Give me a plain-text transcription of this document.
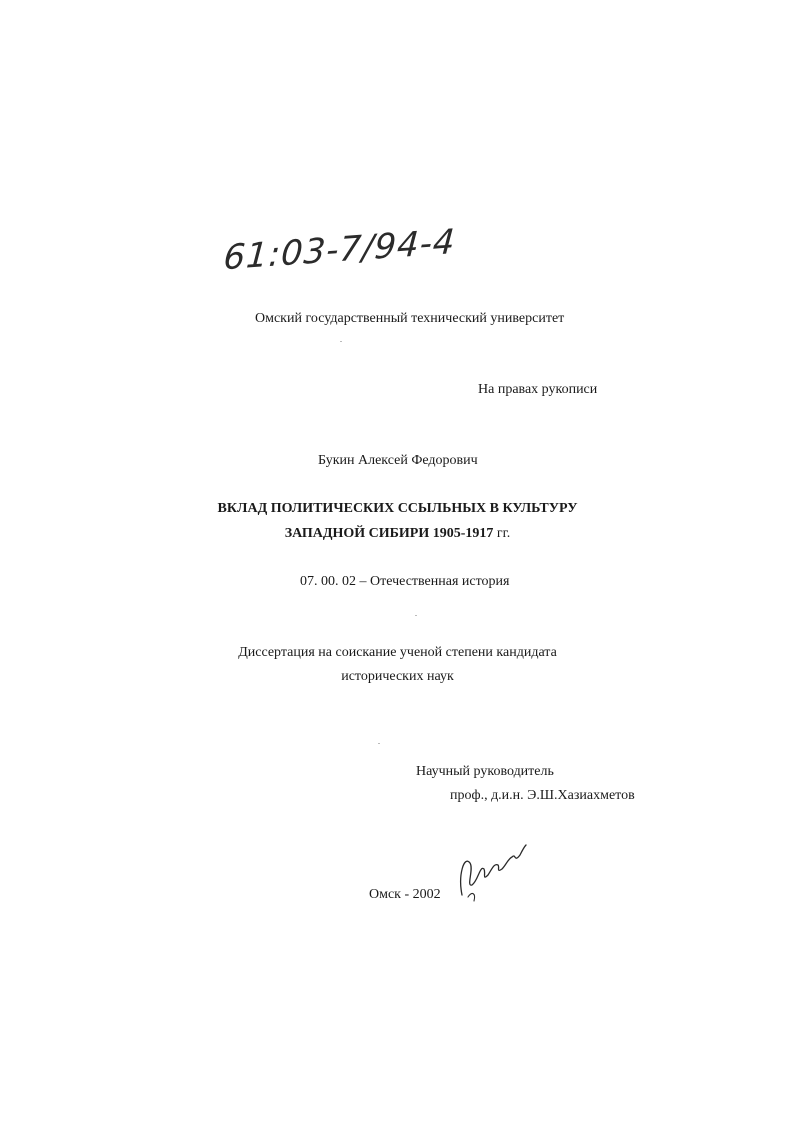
61:03-7/94-4
Омский государственный технический университет
На правах рукописи
Букин Алексей Федорович
ВКЛАД ПОЛИТИЧЕСКИХ ССЫЛЬНЫХ В КУЛЬТУРУ
ЗАПАДНОЙ СИБИРИ 1905-1917 гг.
07. 00. 02 – Отечественная история
Диссертация на соискание ученой степени кандидата
исторических наук
Научный руководитель
проф., д.и.н. Э.Ш.Хазиахметов
Омск - 2002
